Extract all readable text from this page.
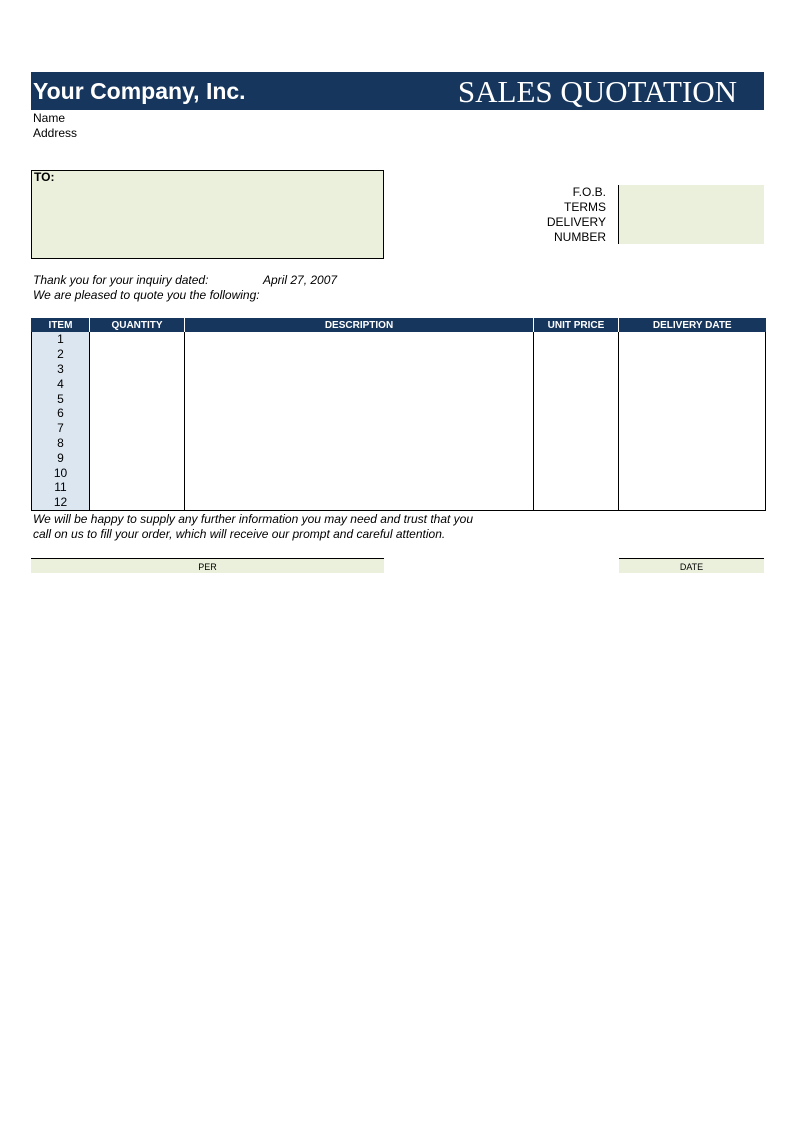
Your Company, Inc.	SALES QUOTATION
Name
Address
TO:
F.O.B.
TERMS
DELIVERY
NUMBER
Thank you for your inquiry dated:
We are pleased to quote you the following:
April 27, 2007
ITEM	QUANTITY	DESCRIPTION	UNIT PRICE	DELIVERY DATE
1				
2				
3				
4				
5				
6				
7				
8				
9				
10				
11				
12				
We will be happy to supply any further information you may need and trust that you
call on us to fill your order, which will receive our prompt and careful attention.
PER	DATE
